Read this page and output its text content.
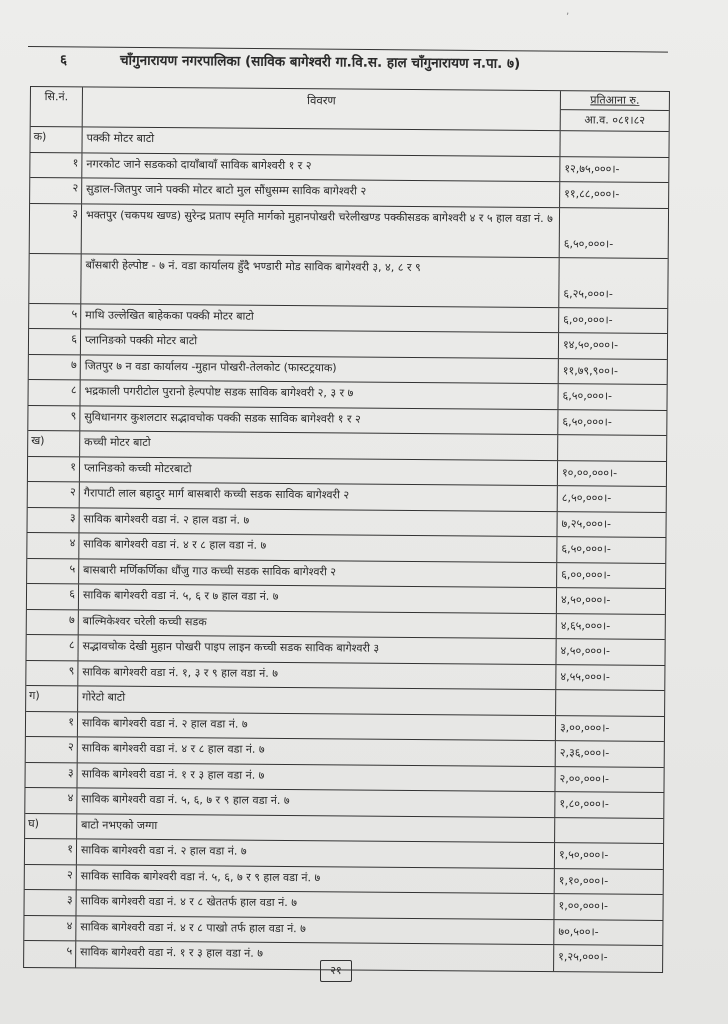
‚
६	चाँगुनारायण नगरपालिका (साविक बागेश्वरी गा.वि.स. हाल चाँगुनारायण न.पा. ७)
सि.नं.	विवरण	प्रतिआना रु.
आ.व. ०८१।८२
क)	पक्की मोटर बाटो
१ नगरकोट जाने सडकको दायाँबायाँ साविक बागेश्वरी १ र २	१२,७५,०००।-
२ सुडाल-जितपुर जाने पक्की मोटर बाटो मुल सौंधुसम्म साविक बागेश्वरी २	११,८८,०००।-
३ भक्तपुर (चकपथ खण्ड) सुरेन्द्र प्रताप स्मृति मार्गको मुहानपोखरी चरेलीखण्ड पक्कीसडक बागेश्वरी ४ र ५ हाल वडा नं. ७
६,५०,०००।-
बाँसबारी हेल्पोष्ट - ७ नं. वडा कार्यालय हुँदै भण्डारी मोड साविक बागेश्वरी ३, ४, ८ र ९
६,२५,०००।-
५ माथि उल्लेखित बाहेकका पक्की मोटर बाटो	६,००,०००।-
६ प्लानिङको पक्की मोटर बाटो	१४,५०,०००।-
७ जितपुर ७ न वडा कार्यालय -मुहान पोखरी-तेलकोट (फास्टट्रयाक)	११,७९,९००।-
८ भद्रकाली पगरीटोल पुरानो हेल्पपोष्ट सडक साविक बागेश्वरी २, ३ र ७	६,५०,०००।-
९ सुविधानगर कुशलटार सद्भावचोक पक्की सडक साविक बागेश्वरी १ र २	६,५०,०००।-
ख)	कच्ची मोटर बाटो
१ प्लानिङको कच्ची मोटरबाटो	१०,००,०००।-
२ गैरापाटी लाल बहादुर मार्ग बासबारी कच्ची सडक साविक बागेश्वरी २	८,५०,०००।-
३ साविक बागेश्वरी वडा नं. २ हाल वडा नं. ७	७,२५,०००।-
४ साविक बागेश्वरी वडा नं. ४ र ८ हाल वडा नं. ७	६,५०,०००।-
५ बासबारी मर्णिकर्णिका धौंजु गाउ कच्ची सडक साविक बागेश्वरी २	६,००,०००।-
६ साविक बागेश्वरी वडा नं. ५, ६ र ७ हाल वडा नं. ७	४,५०,०००।-
७ बाल्मिकेश्वर चरेली कच्ची सडक	४,६५,०००।-
८ सद्भावचोक देखी मुहान पोखरी पाइप लाइन कच्ची सडक साविक बागेश्वरी ३	४,५०,०००।-
९ साविक बागेश्वरी वडा नं. १, ३ र ९ हाल वडा नं. ७	४,५५,०००।-
ग)	गोरेटो बाटो
१ साविक बागेश्वरी वडा नं. २ हाल वडा नं. ७	३,००,०००।-
२ साविक बागेश्वरी वडा नं. ४ र ८ हाल वडा नं. ७	२,३६,०००।-
३ साविक बागेश्वरी वडा नं. १ र ३ हाल वडा नं. ७	२,००,०००।-
४ साविक बागेश्वरी वडा नं. ५, ६, ७ र ९ हाल वडा नं. ७	१,८०,०००।-
घ)	बाटो नभएको जग्गा
१ साविक बागेश्वरी वडा नं. २ हाल वडा नं. ७	१,५०,०००।-
२ साविक साविक बागेश्वरी वडा नं. ५, ६, ७ र ९ हाल वडा नं. ७	१,१०,०००।-
३ साविक बागेश्वरी वडा नं. ४ र ८ खेततर्फ हाल वडा नं. ७	१,००,०००।-
४ साविक बागेश्वरी वडा नं. ४ र ८ पाखो तर्फ हाल वडा नं. ७	७०,५००।-
५ साविक बागेश्वरी वडा नं. १ र ३ हाल वडा नं. ७	१,२५,०००।-
२१
